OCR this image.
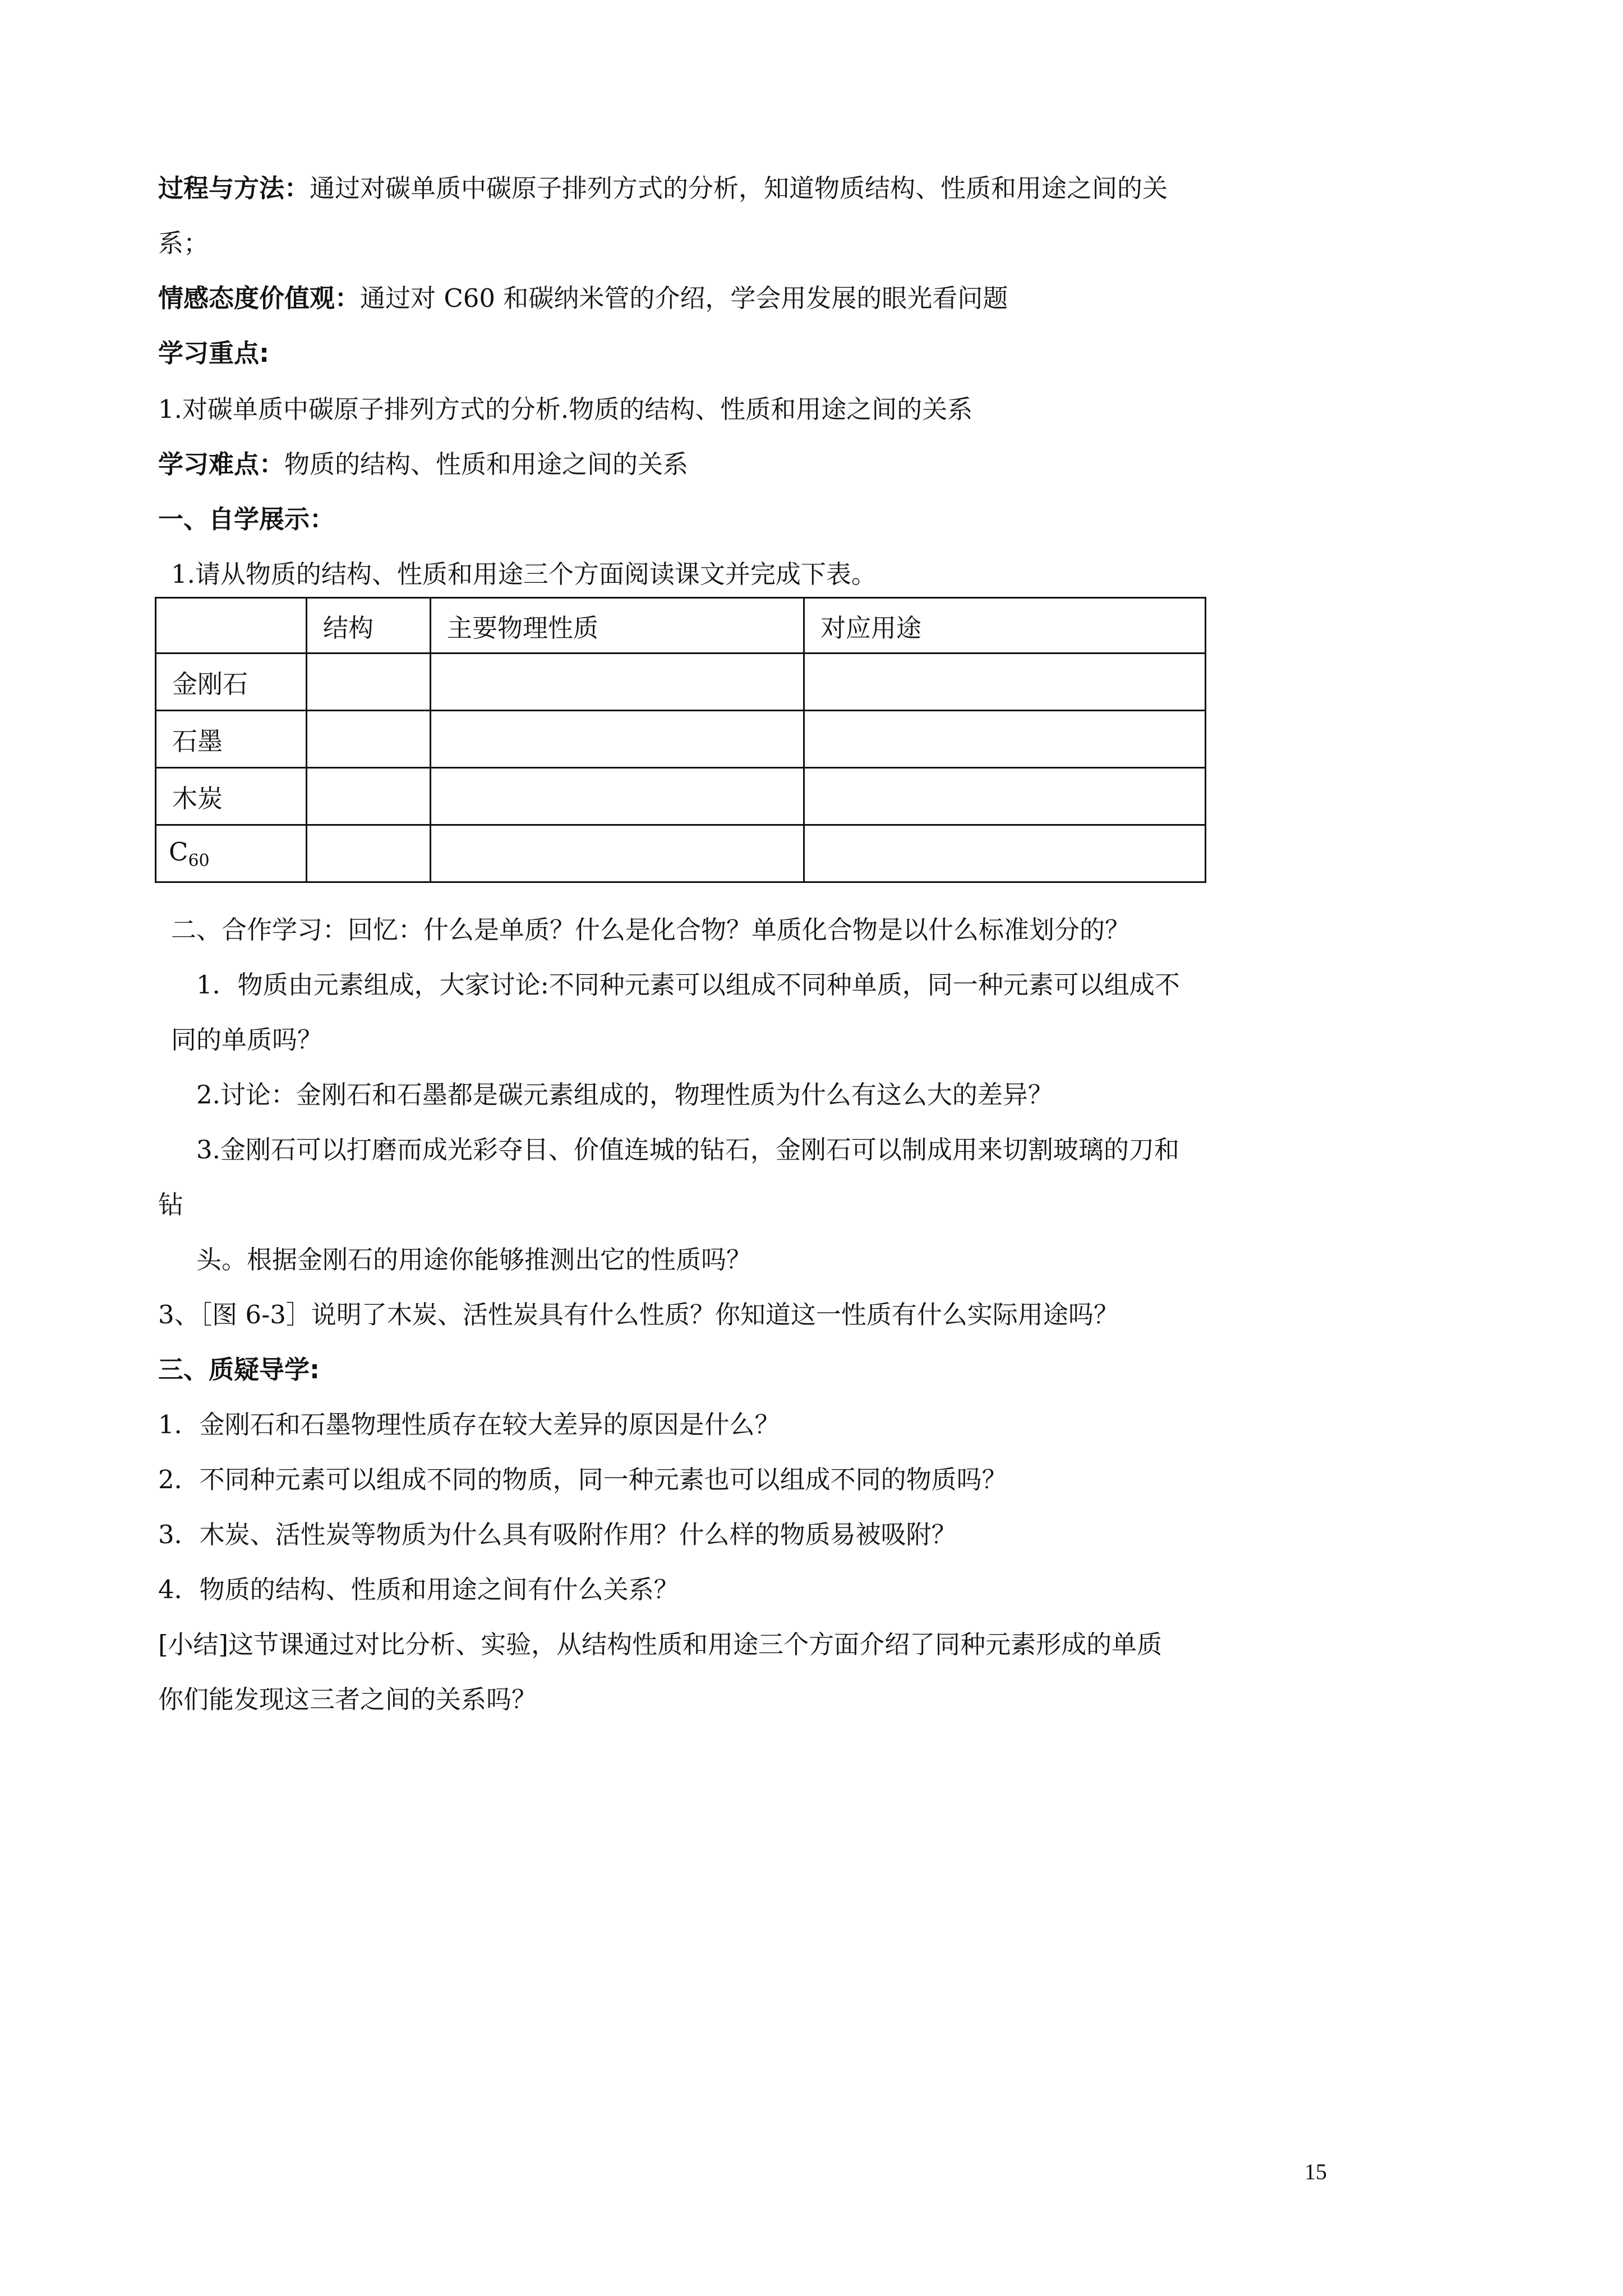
过程与方法：通过对碳单质中碳原子排列方式的分析，知道物质结构、性质和用途之间的关
系；
情感态度价值观：通过对 C60 和碳纳米管的介绍，学会用发展的眼光看问题
学习重点:
1.对碳单质中碳原子排列方式的分析.物质的结构、性质和用途之间的关系
学习难点：物质的结构、性质和用途之间的关系
一、自学展示：
1.请从物质的结构、性质和用途三个方面阅读课文并完成下表。
	结构	主要物理性质	对应用途
金刚石			
石墨			
木炭			
$C_{60}$			
二、合作学习：回忆：什么是单质？什么是化合物？单质化合物是以什么标准划分的？
1．物质由元素组成，大家讨论:不同种元素可以组成不同种单质，同一种元素可以组成不
同的单质吗？
2.讨论：金刚石和石墨都是碳元素组成的，物理性质为什么有这么大的差异？
3.金刚石可以打磨而成光彩夺目、价值连城的钻石，金刚石可以制成用来切割玻璃的刀和
钻
头。根据金刚石的用途你能够推测出它的性质吗？
3、［图 6-3］说明了木炭、活性炭具有什么性质？你知道这一性质有什么实际用途吗？
三、质疑导学:
1．金刚石和石墨物理性质存在较大差异的原因是什么？
2．不同种元素可以组成不同的物质，同一种元素也可以组成不同的物质吗？
3．木炭、活性炭等物质为什么具有吸附作用？什么样的物质易被吸附？
4．物质的结构、性质和用途之间有什么关系？
[小结]这节课通过对比分析、实验，从结构性质和用途三个方面介绍了同种元素形成的单质
你们能发现这三者之间的关系吗？
15
